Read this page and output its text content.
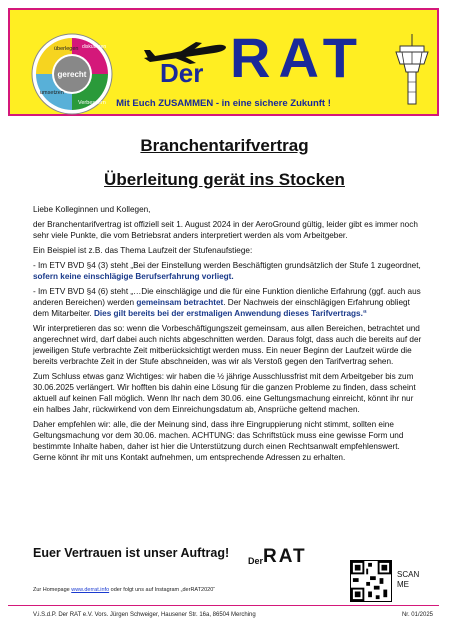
gerecht
überlegen diskutieren
umsetzen
Verbessern
Der RAT
Mit Euch ZUSAMMEN - in eine sichere Zukunft !
Branchentarifvertrag
Überleitung gerät ins Stocken

Liebe Kolleginnen und Kollegen,

der Branchentarifvertrag ist offiziell seit 1. August 2024 in der AeroGround gültig, leider gibt es immer noch sehr viele Punkte, die vom Betriebsrat anders interpretiert werden als vom Arbeitgeber.

Ein Beispiel ist z.B. das Thema Laufzeit der Stufenaufstiege:

- Im ETV BVD §4 (3) steht „Bei der Einstellung werden Beschäftigten grundsätzlich der Stufe 1 zugeordnet, sofern keine einschlägige Berufserfahrung vorliegt.

- Im ETV BVD §4 (6) steht „…Die einschlägige und die für eine Funktion dienliche Erfahrung (ggf. auch aus anderen Bereichen) werden gemeinsam betrachtet. Der Nachweis der einschlägigen Erfahrung obliegt dem Mitarbeiter. Dies gilt bereits bei der erstmaligen Anwendung dieses Tarifvertrags.“

Wir interpretieren das so: wenn die Vorbeschäftigungszeit gemeinsam, aus allen Bereichen, betrachtet und angerechnet wird, darf dabei auch nichts abgeschnitten werden. Daraus folgt, dass auch die bereits auf der jeweiligen Stufe verbrachte Zeit mitberücksichtigt werden muss. Ein neuer Beginn der Laufzeit würde die bereits verbrachte Zeit in der Stufe abschneiden, was wir als Verstoß gegen den Tarifvertrag sehen.

Zum Schluss etwas ganz Wichtiges: wir haben die ½ jährige Ausschlussfrist mit dem Arbeitgeber bis zum 30.06.2025 verlängert. Wir hofften bis dahin eine Lösung für die ganzen Probleme zu finden, dass scheint aktuell auf keinen Fall möglich. Wenn Ihr nach dem 30.06. eine Geltungsmachung einreicht, könnt ihr nur ein halbes Jahr, rückwirkend von dem Einreichungsdatum ab, Ansprüche geltend machen.

Daher empfehlen wir: alle, die der Meinung sind, dass ihre Eingruppierung nicht stimmt, sollten eine Geltungsmachung vor dem 30.06. machen. ACHTUNG: das Schriftstück muss eine gewisse Form und bestimmte Inhalte haben, daher ist hier die Unterstützung durch einen Rechtsanwalt empfehlenswert. Gerne könnt ihr mit uns Kontakt aufnehmen, um entsprechende Adressen zu erhalten.

Euer Vertrauen ist unser Auftrag!
Der RAT
SCAN
ME
Zur Homepage www.derrat.info oder folgt uns auf Instagram „derRAT2020“
V.i.S.d.P. Der RAT e.V. Vors. Jürgen Schweiger, Hausener Str. 16a, 86504 Merching	Nr. 01/2025
